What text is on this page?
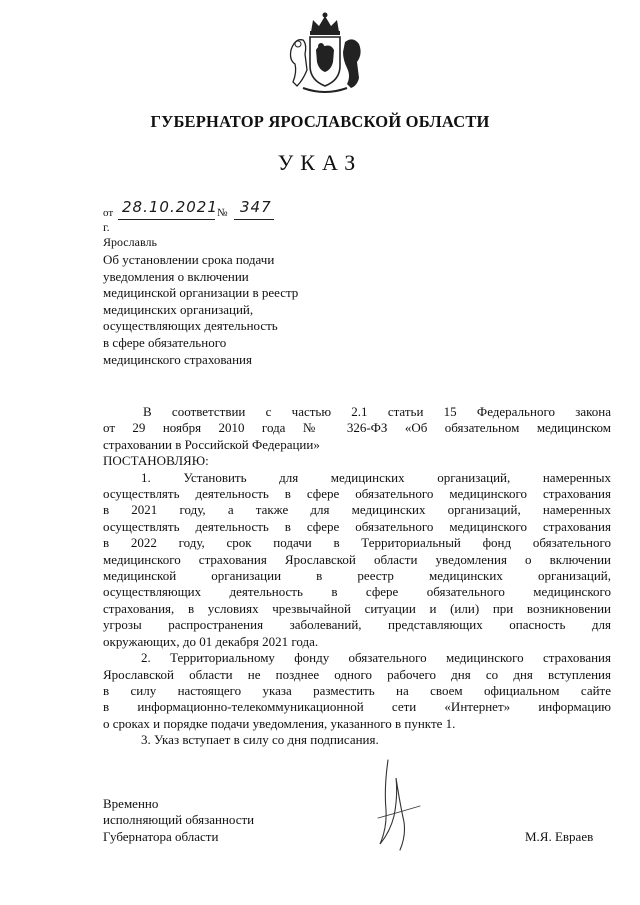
ГУБЕРНАТОР ЯРОСЛАВСКОЙ ОБЛАСТИ
УКАЗ
от 28.10.2021 № 347
г. Ярославль
Об установлении срока подачи
уведомления о включении
медицинской организации в реестр
медицинских организаций,
осуществляющих деятельность
в сфере обязательного
медицинского страхования
В соответствии с частью 2.1 статьи 15 Федерального закона
от 29 ноября 2010 года № 326-ФЗ «Об обязательном медицинском
страховании в Российской Федерации»
ПОСТАНОВЛЯЮ:
1. Установить для медицинских организаций, намеренных
осуществлять деятельность в сфере обязательного медицинского страхования
в 2021 году, а также для медицинских организаций, намеренных
осуществлять деятельность в сфере обязательного медицинского страхования
в 2022 году, срок подачи в Территориальный фонд обязательного
медицинского страхования Ярославской области уведомления о включении
медицинской организации в реестр медицинских организаций,
осуществляющих деятельность в сфере обязательного медицинского
страхования, в условиях чрезвычайной ситуации и (или) при возникновении
угрозы распространения заболеваний, представляющих опасность для
окружающих, до 01 декабря 2021 года.
2. Территориальному фонду обязательного медицинского страхования
Ярославской области не позднее одного рабочего дня со дня вступления
в силу настоящего указа разместить на своем официальном сайте
в информационно-телекоммуникационной сети «Интернет» информацию
о сроках и порядке подачи уведомления, указанного в пункте 1.
3. Указ вступает в силу со дня подписания.
Временно
исполняющий обязанности
Губернатора области	М.Я. Евраев
